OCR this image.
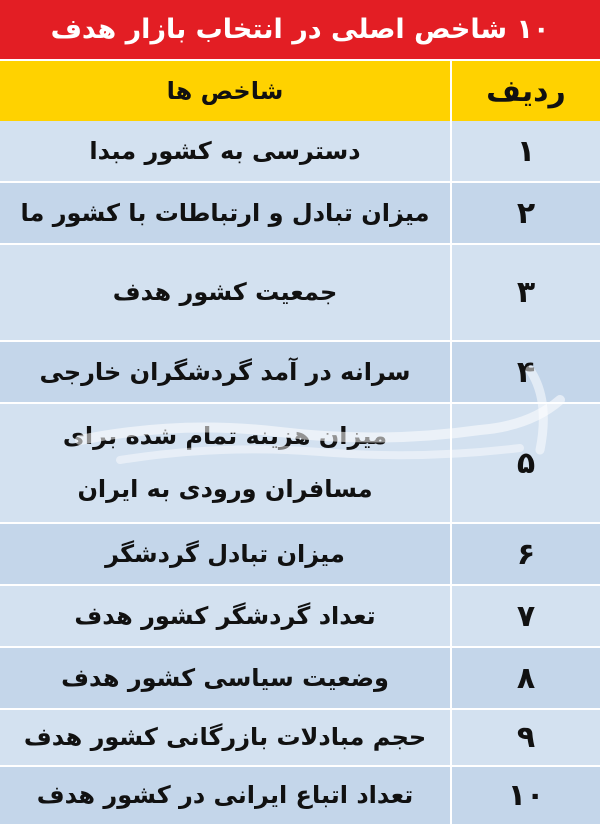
۱۰ شاخص اصلی در انتخاب بازار هدف
ردیف
شاخص ها
۱
دسترسی به کشور مبدا
۲
میزان تبادل و ارتباطات با کشور ما
۳
جمعیت کشور هدف
۴
سرانه در آمد گردشگران خارجی
۵
میزان هزینه تمام شده برای مسافران ورودی به ایران
۶
میزان تبادل گردشگر
۷
تعداد گردشگر کشور هدف
۸
وضعیت سیاسی کشور هدف
۹
حجم مبادلات بازرگانی کشور هدف
۱۰
تعداد اتباع ایرانی در کشور هدف
